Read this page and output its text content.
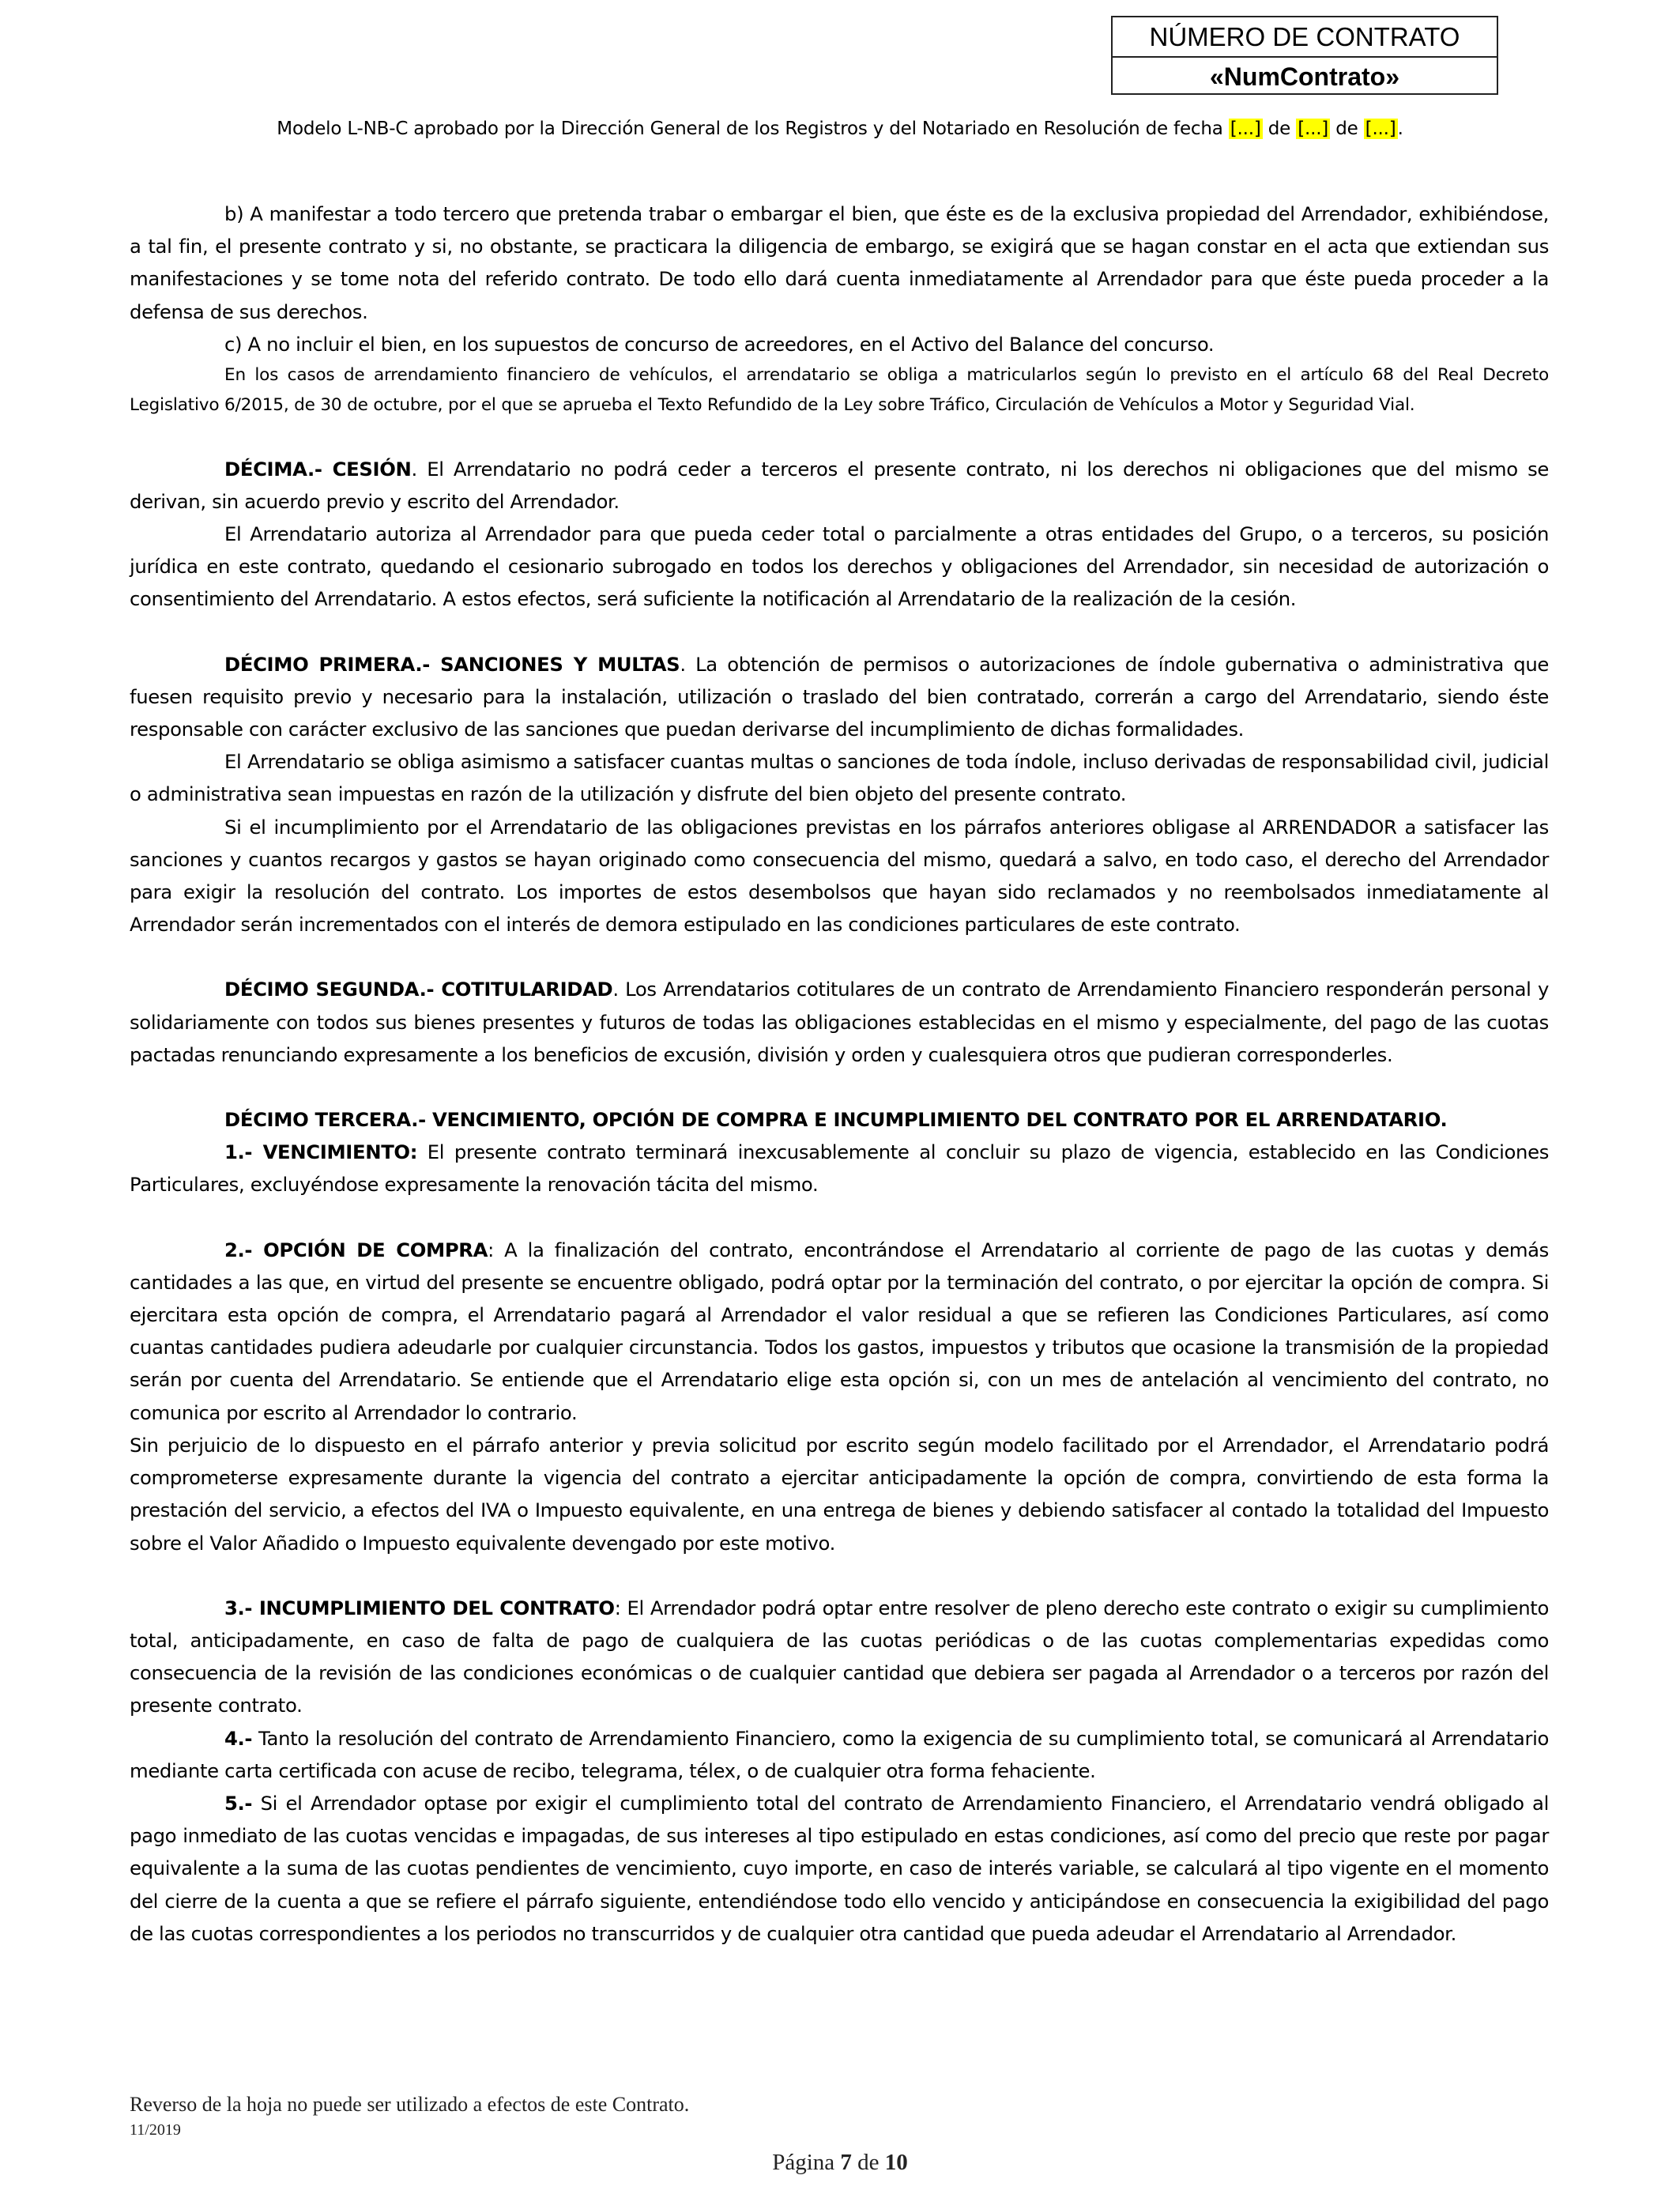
NÚMERO DE CONTRATO
«NumContrato»
Modelo L-NB-C aprobado por la Dirección General de los Registros y del Notariado en Resolución de fecha [...] de [...] de [...].

b) A manifestar a todo tercero que pretenda trabar o embargar el bien, que éste es de la exclusiva propiedad del Arrendador, exhibiéndose, a tal fin, el presente contrato y si, no obstante, se practicara la diligencia de embargo, se exigirá que se hagan constar en el acta que extiendan sus manifestaciones y se tome nota del referido contrato. De todo ello dará cuenta inmediatamente al Arrendador para que éste pueda proceder a la defensa de sus derechos.

c) A no incluir el bien, en los supuestos de concurso de acreedores, en el Activo del Balance del concurso.

En los casos de arrendamiento financiero de vehículos, el arrendatario se obliga a matricularlos según lo previsto en el artículo 68 del Real Decreto Legislativo 6/2015, de 30 de octubre, por el que se aprueba el Texto Refundido de la Ley sobre Tráfico, Circulación de Vehículos a Motor y Seguridad Vial.

DÉCIMA.- CESIÓN. El Arrendatario no podrá ceder a terceros el presente contrato, ni los derechos ni obligaciones que del mismo se derivan, sin acuerdo previo y escrito del Arrendador.

El Arrendatario autoriza al Arrendador para que pueda ceder total o parcialmente a otras entidades del Grupo, o a terceros, su posición jurídica en este contrato, quedando el cesionario subrogado en todos los derechos y obligaciones del Arrendador, sin necesidad de autorización o consentimiento del Arrendatario. A estos efectos, será suficiente la notificación al Arrendatario de la realización de la cesión.

DÉCIMO PRIMERA.- SANCIONES Y MULTAS. La obtención de permisos o autorizaciones de índole gubernativa o administrativa que fuesen requisito previo y necesario para la instalación, utilización o traslado del bien contratado, correrán a cargo del Arrendatario, siendo éste responsable con carácter exclusivo de las sanciones que puedan derivarse del incumplimiento de dichas formalidades.

El Arrendatario se obliga asimismo a satisfacer cuantas multas o sanciones de toda índole, incluso derivadas de responsabilidad civil, judicial o administrativa sean impuestas en razón de la utilización y disfrute del bien objeto del presente contrato.

Si el incumplimiento por el Arrendatario de las obligaciones previstas en los párrafos anteriores obligase al ARRENDADOR a satisfacer las sanciones y cuantos recargos y gastos se hayan originado como consecuencia del mismo, quedará a salvo, en todo caso, el derecho del Arrendador para exigir la resolución del contrato. Los importes de estos desembolsos que hayan sido reclamados y no reembolsados inmediatamente al Arrendador serán incrementados con el interés de demora estipulado en las condiciones particulares de este contrato.

DÉCIMO SEGUNDA.- COTITULARIDAD. Los Arrendatarios cotitulares de un contrato de Arrendamiento Financiero responderán personal y solidariamente con todos sus bienes presentes y futuros de todas las obligaciones establecidas en el mismo y especialmente, del pago de las cuotas pactadas renunciando expresamente a los beneficios de excusión, división y orden y cualesquiera otros que pudieran corresponderles.

DÉCIMO TERCERA.- VENCIMIENTO, OPCIÓN DE COMPRA E INCUMPLIMIENTO DEL CONTRATO POR EL ARRENDATARIO.

1.- VENCIMIENTO: El presente contrato terminará inexcusablemente al concluir su plazo de vigencia, establecido en las Condiciones Particulares, excluyéndose expresamente la renovación tácita del mismo.

2.- OPCIÓN DE COMPRA: A la finalización del contrato, encontrándose el Arrendatario al corriente de pago de las cuotas y demás cantidades a las que, en virtud del presente se encuentre obligado, podrá optar por la terminación del contrato, o por ejercitar la opción de compra. Si ejercitara esta opción de compra, el Arrendatario pagará al Arrendador el valor residual a que se refieren las Condiciones Particulares, así como cuantas cantidades pudiera adeudarle por cualquier circunstancia. Todos los gastos, impuestos y tributos que ocasione la transmisión de la propiedad serán por cuenta del Arrendatario. Se entiende que el Arrendatario elige esta opción si, con un mes de antelación al vencimiento del contrato, no comunica por escrito al Arrendador lo contrario.

Sin perjuicio de lo dispuesto en el párrafo anterior y previa solicitud por escrito según modelo facilitado por el Arrendador, el Arrendatario podrá comprometerse expresamente durante la vigencia del contrato a ejercitar anticipadamente la opción de compra, convirtiendo de esta forma la prestación del servicio, a efectos del IVA o Impuesto equivalente, en una entrega de bienes y debiendo satisfacer al contado la totalidad del Impuesto sobre el Valor Añadido o Impuesto equivalente devengado por este motivo.

3.- INCUMPLIMIENTO DEL CONTRATO: El Arrendador podrá optar entre resolver de pleno derecho este contrato o exigir su cumplimiento total, anticipadamente, en caso de falta de pago de cualquiera de las cuotas periódicas o de las cuotas complementarias expedidas como consecuencia de la revisión de las condiciones económicas o de cualquier cantidad que debiera ser pagada al Arrendador o a terceros por razón del presente contrato.

4.- Tanto la resolución del contrato de Arrendamiento Financiero, como la exigencia de su cumplimiento total, se comunicará al Arrendatario mediante carta certificada con acuse de recibo, telegrama, télex, o de cualquier otra forma fehaciente.

5.- Si el Arrendador optase por exigir el cumplimiento total del contrato de Arrendamiento Financiero, el Arrendatario vendrá obligado al pago inmediato de las cuotas vencidas e impagadas, de sus intereses al tipo estipulado en estas condiciones, así como del precio que reste por pagar equivalente a la suma de las cuotas pendientes de vencimiento, cuyo importe, en caso de interés variable, se calculará al tipo vigente en el momento del cierre de la cuenta a que se refiere el párrafo siguiente, entendiéndose todo ello vencido y anticipándose en consecuencia la exigibilidad del pago de las cuotas correspondientes a los periodos no transcurridos y de cualquier otra cantidad que pueda adeudar el Arrendatario al Arrendador.

Reverso de la hoja no puede ser utilizado a efectos de este Contrato.
11/2019
Página 7 de 10
